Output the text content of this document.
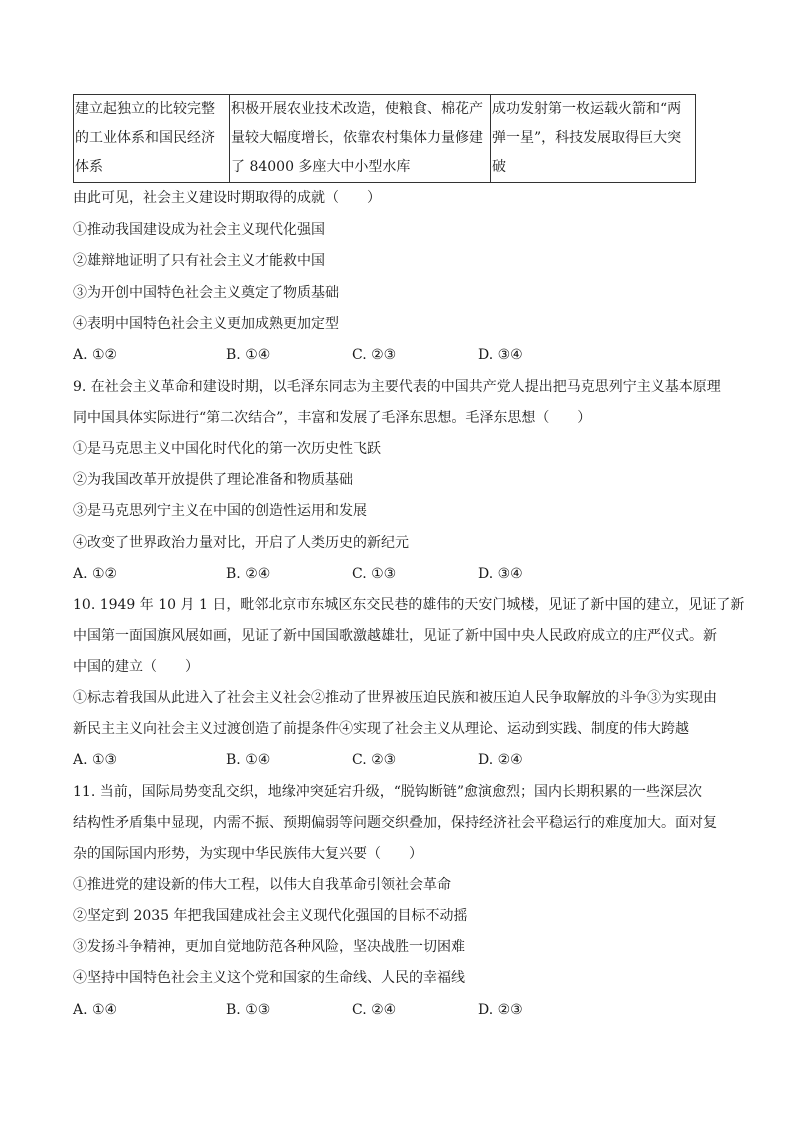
建立起独立的比较完整的工业体系和国民经济体系	积极开展农业技术改造，使粮食、棉花产量较大幅度增长，依靠农村集体力量修建了 84000 多座大中小型水库	成功发射第一枚运载火箭和“两弹一星”，科技发展取得巨大突破
由此可见，社会主义建设时期取得的成就（　　）
①推动我国建设成为社会主义现代化强国
②雄辩地证明了只有社会主义才能救中国
③为开创中国特色社会主义奠定了物质基础
④表明中国特色社会主义更加成熟更加定型
A. ①②	B. ①④	C. ②③	D. ③④
9. 在社会主义革命和建设时期，以毛泽东同志为主要代表的中国共产党人提出把马克思列宁主义基本原理
同中国具体实际进行“第二次结合”，丰富和发展了毛泽东思想。毛泽东思想（　　）
①是马克思主义中国化时代化的第一次历史性飞跃
②为我国改革开放提供了理论准备和物质基础
③是马克思列宁主义在中国的创造性运用和发展
④改变了世界政治力量对比，开启了人类历史的新纪元
A. ①②	B. ②④	C. ①③	D. ③④
10. 1949 年 10 月 1 日，毗邻北京市东城区东交民巷的雄伟的天安门城楼，见证了新中国的建立，见证了新
中国第一面国旗风展如画，见证了新中国国歌激越雄壮，见证了新中国中央人民政府成立的庄严仪式。新
中国的建立（　　）
①标志着我国从此进入了社会主义社会②推动了世界被压迫民族和被压迫人民争取解放的斗争③为实现由
新民主主义向社会主义过渡创造了前提条件④实现了社会主义从理论、运动到实践、制度的伟大跨越
A. ①③	B. ①④	C. ②③	D. ②④
11. 当前，国际局势变乱交织，地缘冲突延宕升级，“脱钩断链”愈演愈烈；国内长期积累的一些深层次
结构性矛盾集中显现，内需不振、预期偏弱等问题交织叠加，保持经济社会平稳运行的难度加大。面对复
杂的国际国内形势，为实现中华民族伟大复兴要（　　）
①推进党的建设新的伟大工程，以伟大自我革命引领社会革命
②坚定到 2035 年把我国建成社会主义现代化强国的目标不动摇
③发扬斗争精神，更加自觉地防范各种风险，坚决战胜一切困难
④坚持中国特色社会主义这个党和国家的生命线、人民的幸福线
A. ①④	B. ①③	C. ②④	D. ②③
